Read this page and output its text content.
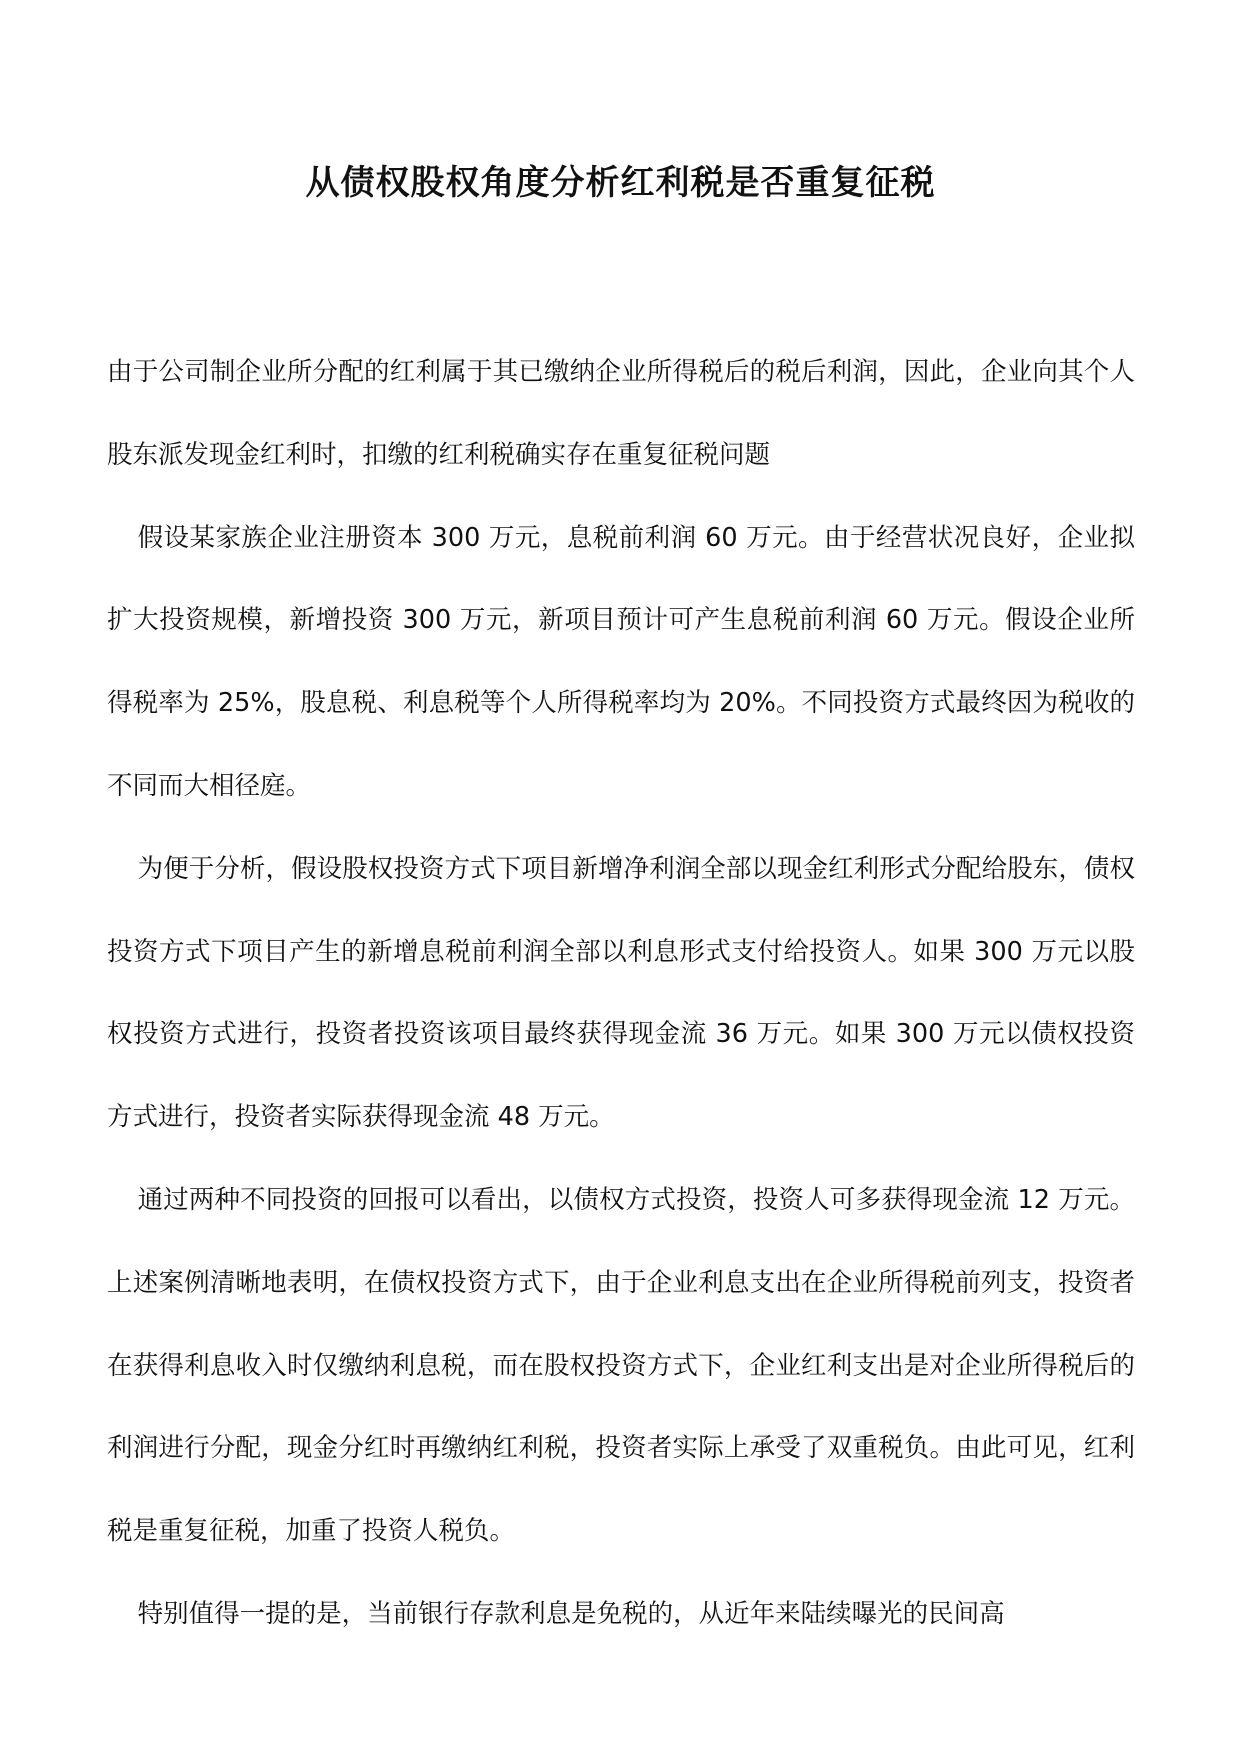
从债权股权角度分析红利税是否重复征税

由于公司制企业所分配的红利属于其已缴纳企业所得税后的税后利润，因此，企业向其个人股东派发现金红利时，扣缴的红利税确实存在重复征税问题

假设某家族企业注册资本 300 万元，息税前利润 60 万元。由于经营状况良好，企业拟扩大投资规模，新增投资 300 万元，新项目预计可产生息税前利润 60 万元。假设企业所得税率为 25%，股息税、利息税等个人所得税率均为 20%。不同投资方式最终因为税收的不同而大相径庭。

为便于分析，假设股权投资方式下项目新增净利润全部以现金红利形式分配给股东，债权投资方式下项目产生的新增息税前利润全部以利息形式支付给投资人。如果 300 万元以股权投资方式进行，投资者投资该项目最终获得现金流 36 万元。如果 300 万元以债权投资方式进行，投资者实际获得现金流 48 万元。

通过两种不同投资的回报可以看出，以债权方式投资，投资人可多获得现金流 12 万元。上述案例清晰地表明，在债权投资方式下，由于企业利息支出在企业所得税前列支，投资者在获得利息收入时仅缴纳利息税，而在股权投资方式下，企业红利支出是对企业所得税后的利润进行分配，现金分红时再缴纳红利税，投资者实际上承受了双重税负。由此可见，红利税是重复征税，加重了投资人税负。

特别值得一提的是，当前银行存款利息是免税的，从近年来陆续曝光的民间高
